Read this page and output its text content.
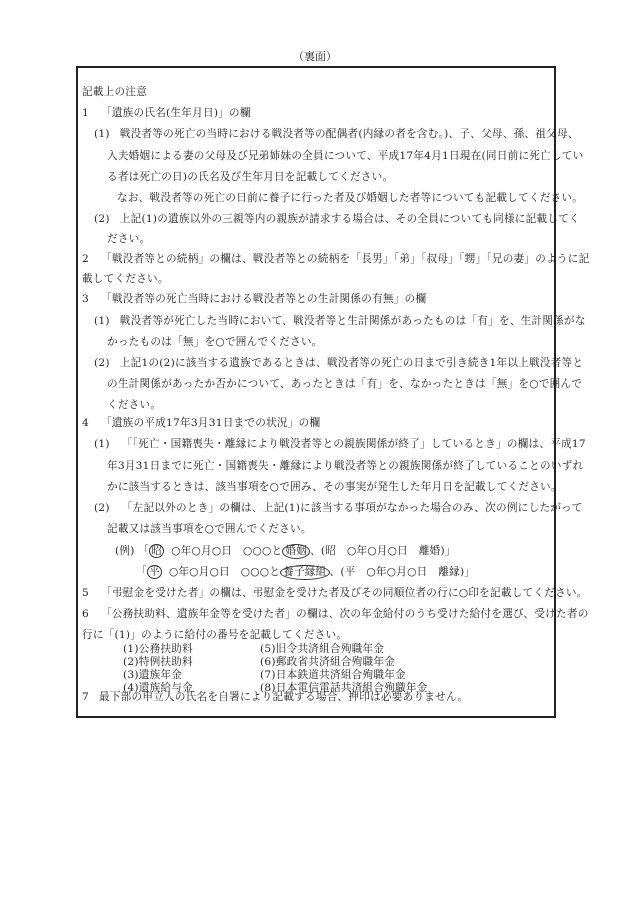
（裏面）
記載上の注意
1 「遺族の氏名(生年月日)」の欄
(1) 戦没者等の死亡の当時における戦没者等の配偶者(内縁の者を含む。)、子、父母、孫、祖父母、
入夫婚姻による妻の父母及び兄弟姉妹の全員について、平成17年4月1日現在(同日前に死亡してい
る者は死亡の日)の氏名及び生年月日を記載してください。
なお、戦没者等の死亡の日前に養子に行った者及び婚姻した者等についても記載してください。
(2) 上記(1)の遺族以外の三親等内の親族が請求する場合は、その全員についても同様に記載してく
ださい。
2 「戦没者等との続柄」の欄は、戦没者等との続柄を「長男」「弟」「叔母」「甥」「兄の妻」のように記
載してください。
3 「戦没者等の死亡当時における戦没者等との生計関係の有無」の欄
(1) 戦没者等が死亡した当時において、戦没者等と生計関係があったものは「有」を、生計関係がな
かったものは「無」を○で囲んでください。
(2) 上記1の(2)に該当する遺族であるときは、戦没者等の死亡の日まで引き続き1年以上戦没者等と
の生計関係があったか否かについて、あったときは「有」を、なかったときは「無」を○で囲んで
ください。
4 「遺族の平成17年3月31日までの状況」の欄
(1) 「「死亡・国籍喪失・離縁により戦没者等との親族関係が終了」しているとき」の欄は、平成17
年3月31日までに死亡・国籍喪失・離縁により戦没者等との親族関係が終了していることのいずれ
かに該当するときは、該当事項を○で囲み、その事実が発生した年月日を記載してください。
(2) 「左記以外のとき」の欄は、上記(1)に該当する事項がなかった場合のみ、次の例にしたがって
記載又は該当事項を○で囲んでください。
(例) 「 昭 ○年○月○日　○○○と 婚姻 、(昭　○年○月○日　離婚)」
「 平 ○年○月○日　○○○と 養子縁組 、(平　○年○月○日　離縁)」
5 「弔慰金を受けた者」の欄は、弔慰金を受けた者及びその同順位者の行に○印を記載してください。
6 「公務扶助料、遺族年金等を受けた者」の欄は、次の年金給付のうち受けた給付を選び、受けた者の
行に「(1)」のように給付の番号を記載してください。
(1)公務扶助料
(2)特例扶助料
(3)遺族年金
(4)遺族給与金
(5)旧令共済組合殉職年金
(6)郵政省共済組合殉職年金
(7)日本鉄道共済組合殉職年金
(8)日本電信電話共済組合殉職年金
7 最下部の申立人の氏名を自署により記載する場合、押印は必要ありません。
